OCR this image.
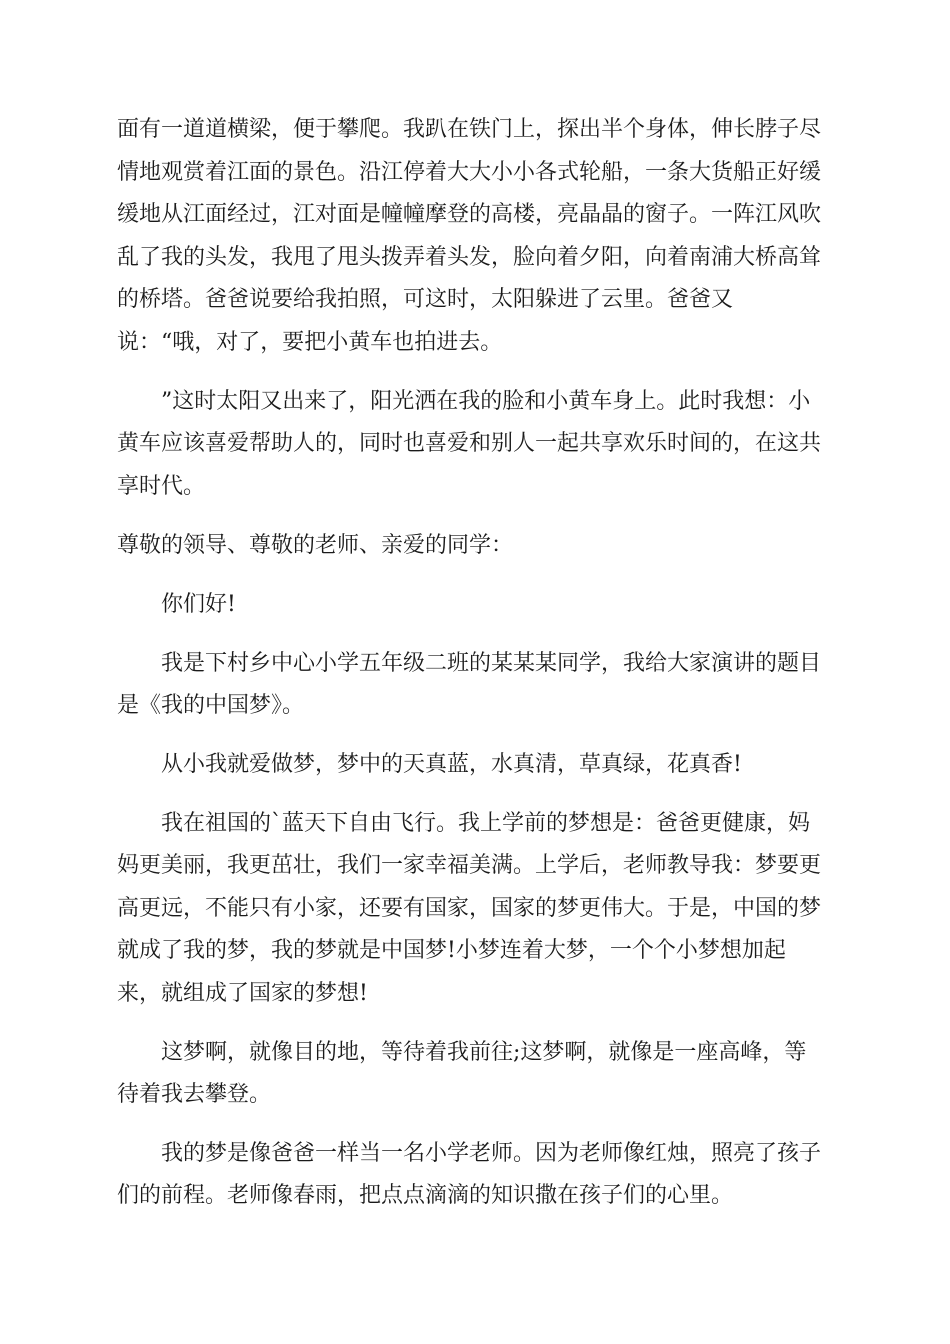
面有一道道横梁，便于攀爬。我趴在铁门上，探出半个身体，伸长脖子尽

情地观赏着江面的景色。沿江停着大大小小各式轮船，一条大货船正好缓

缓地从江面经过，江对面是幢幢摩登的高楼，亮晶晶的窗子。一阵江风吹

乱了我的头发，我甩了甩头拨弄着头发，脸向着夕阳，向着南浦大桥高耸

的桥塔。爸爸说要给我拍照，可这时，太阳躲进了云里。爸爸又

说：“哦，对了，要把小黄车也拍进去。

”这时太阳又出来了，阳光洒在我的脸和小黄车身上。此时我想：小

黄车应该喜爱帮助人的，同时也喜爱和别人一起共享欢乐时间的，在这共

享时代。

尊敬的领导、尊敬的老师、亲爱的同学：

你们好!

我是下村乡中心小学五年级二班的某某某同学，我给大家演讲的题目

是《我的中国梦》。

从小我就爱做梦，梦中的天真蓝，水真清，草真绿，花真香!

我在祖国的`蓝天下自由飞行。我上学前的梦想是：爸爸更健康，妈

妈更美丽，我更茁壮，我们一家幸福美满。上学后，老师教导我：梦要更

高更远，不能只有小家，还要有国家，国家的梦更伟大。于是，中国的梦

就成了我的梦，我的梦就是中国梦!小梦连着大梦，一个个小梦想加起

来，就组成了国家的梦想!

这梦啊，就像目的地，等待着我前往;这梦啊，就像是一座高峰，等

待着我去攀登。

我的梦是像爸爸一样当一名小学老师。因为老师像红烛，照亮了孩子

们的前程。老师像春雨，把点点滴滴的知识撒在孩子们的心里。
